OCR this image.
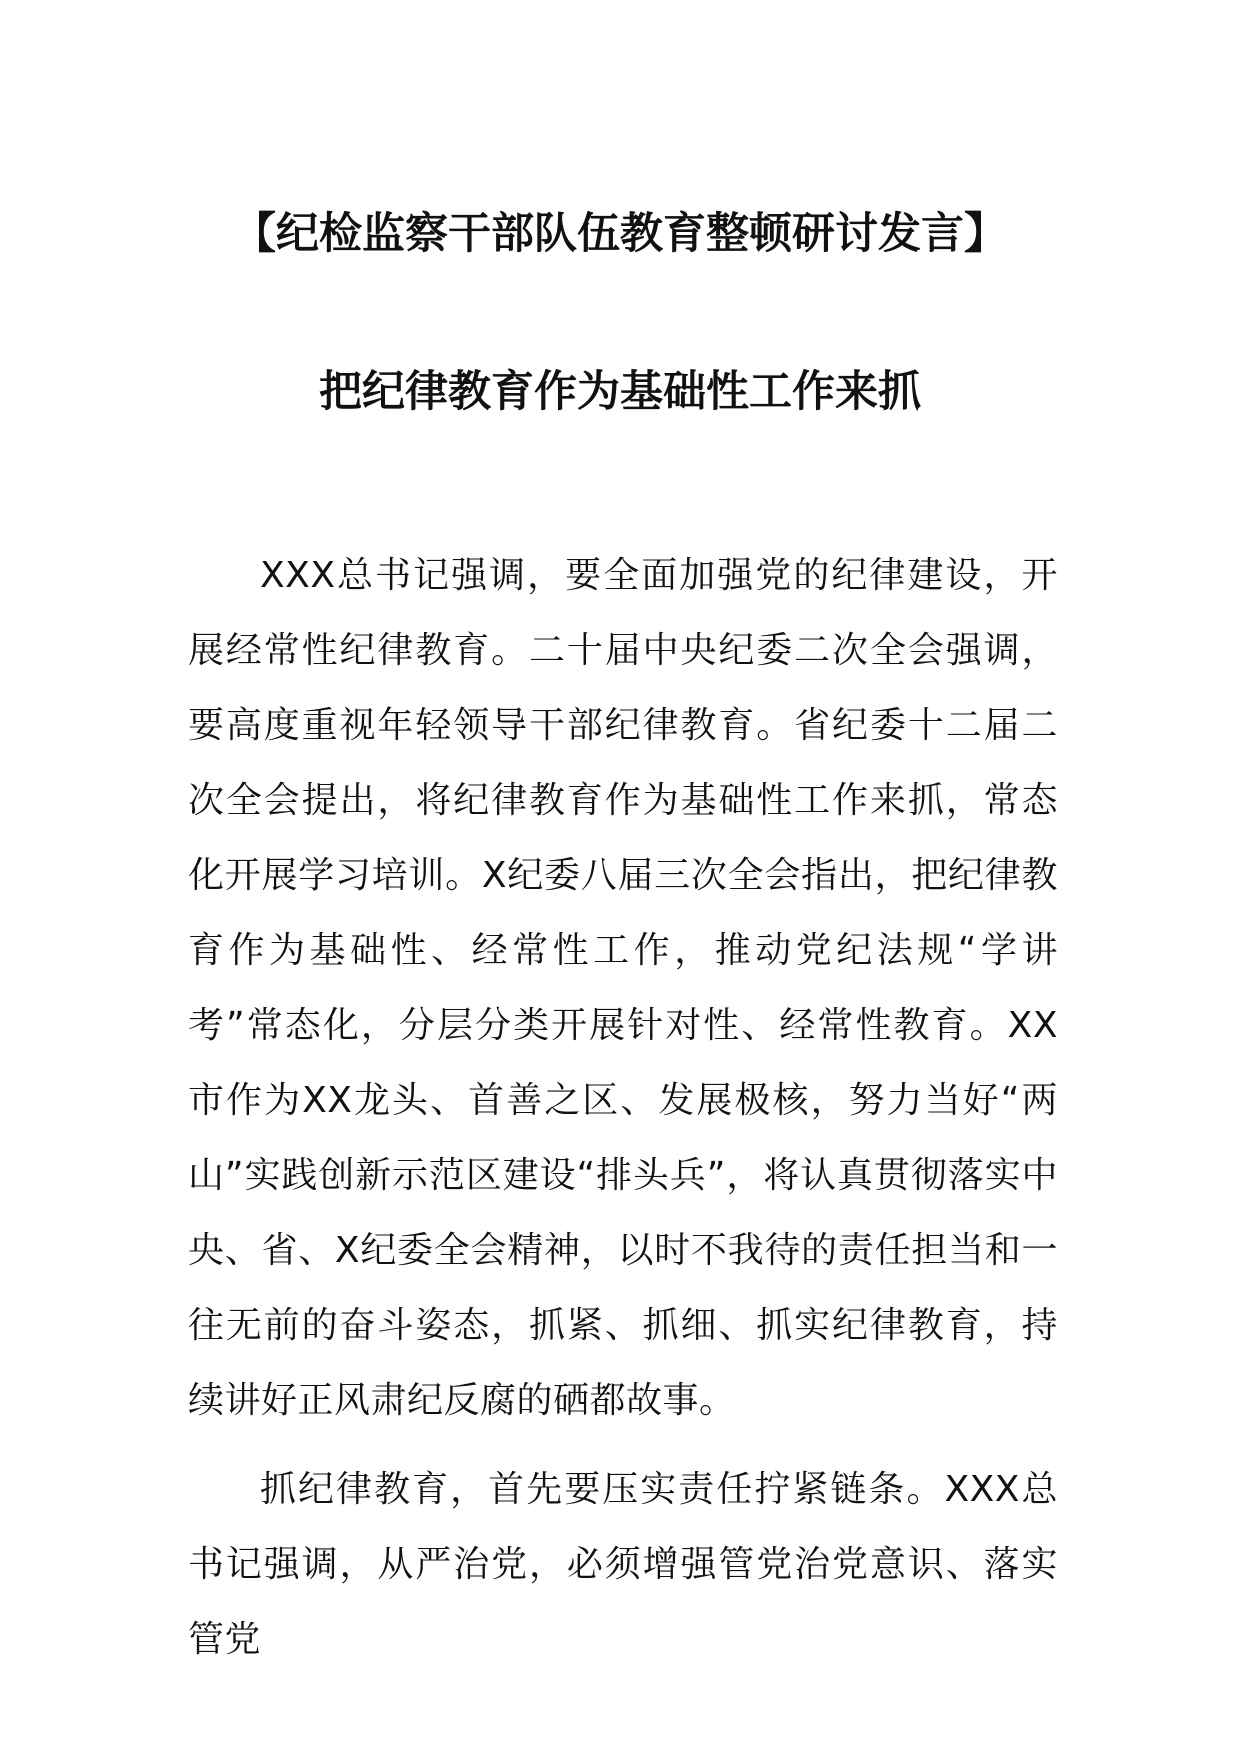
【纪检监察干部队伍教育整顿研讨发言】
把纪律教育作为基础性工作来抓

XXX总书记强调，要全面加强党的纪律建设，开展经常性纪律教育。二十届中央纪委二次全会强调，要高度重视年轻领导干部纪律教育。省纪委十二届二次全会提出，将纪律教育作为基础性工作来抓，常态化开展学习培训。X纪委八届三次全会指出，把纪律教育作为基础性、经常性工作，推动党纪法规“学讲考”常态化，分层分类开展针对性、经常性教育。XX市作为XX龙头、首善之区、发展极核，努力当好“两山”实践创新示范区建设“排头兵”，将认真贯彻落实中央、省、X纪委全会精神，以时不我待的责任担当和一往无前的奋斗姿态，抓紧、抓细、抓实纪律教育，持续讲好正风肃纪反腐的硒都故事。

抓纪律教育，首先要压实责任拧紧链条。XXX总书记强调，从严治党，必须增强管党治党意识、落实管党
